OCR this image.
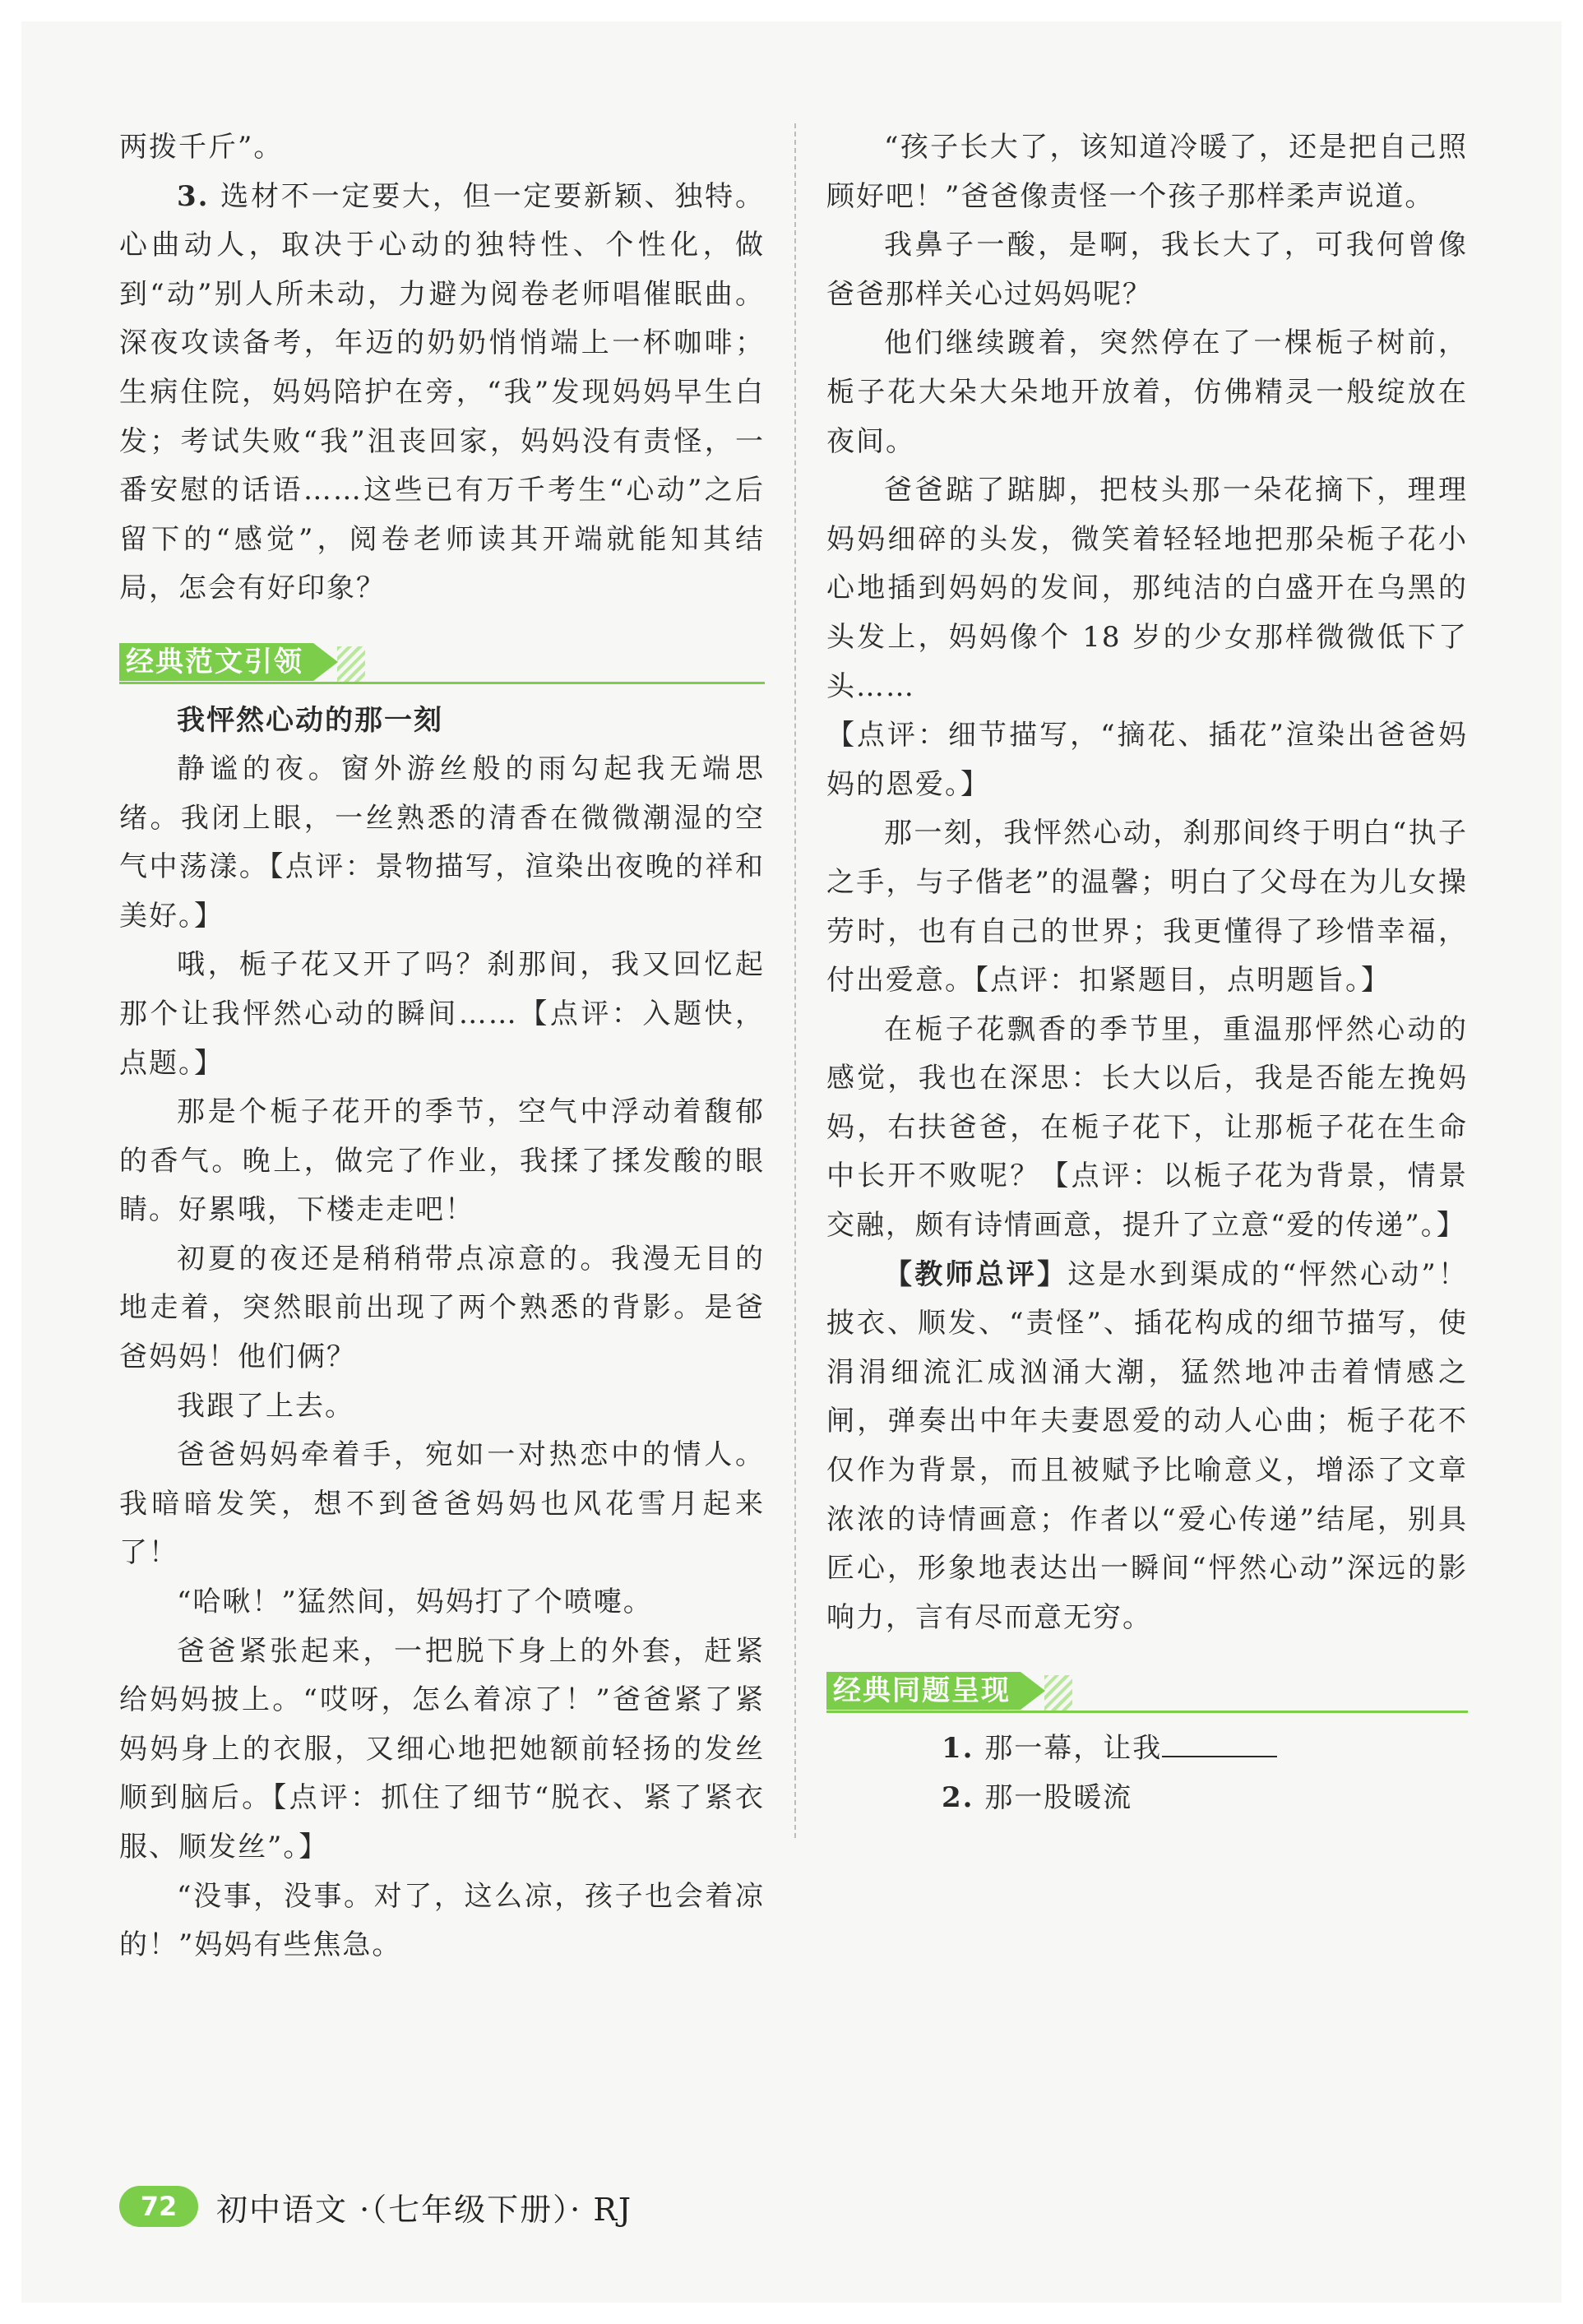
两拨千斤”。

3. 选材不一定要大，但一定要新颖、独特。心曲动人，取决于心动的独特性、个性化，做到“动”别人所未动，力避为阅卷老师唱催眠曲。深夜攻读备考，年迈的奶奶悄悄端上一杯咖啡；生病住院，妈妈陪护在旁，“我”发现妈妈早生白发；考试失败“我”沮丧回家，妈妈没有责怪，一番安慰的话语……这些已有万千考生“心动”之后留下的“感觉”，阅卷老师读其开端就能知其结局，怎会有好印象？

经典范文引领

我怦然心动的那一刻

静谧的夜。窗外游丝般的雨勾起我无端思绪。我闭上眼，一丝熟悉的清香在微微潮湿的空气中荡漾。【点评：景物描写，渲染出夜晚的祥和美好。】

哦，栀子花又开了吗？刹那间，我又回忆起那个让我怦然心动的瞬间……【点评：入题快，点题。】

那是个栀子花开的季节，空气中浮动着馥郁的香气。晚上，做完了作业，我揉了揉发酸的眼睛。好累哦，下楼走走吧！

初夏的夜还是稍稍带点凉意的。我漫无目的地走着，突然眼前出现了两个熟悉的背影。是爸爸妈妈！他们俩？

我跟了上去。

爸爸妈妈牵着手，宛如一对热恋中的情人。我暗暗发笑，想不到爸爸妈妈也风花雪月起来了！

“哈啾！”猛然间，妈妈打了个喷嚏。

爸爸紧张起来，一把脱下身上的外套，赶紧给妈妈披上。“哎呀，怎么着凉了！”爸爸紧了紧妈妈身上的衣服，又细心地把她额前轻扬的发丝顺到脑后。【点评：抓住了细节“脱衣、紧了紧衣服、顺发丝”。】

“没事，没事。对了，这么凉，孩子也会着凉的！”妈妈有些焦急。

“孩子长大了，该知道冷暖了，还是把自己照顾好吧！”爸爸像责怪一个孩子那样柔声说道。

我鼻子一酸，是啊，我长大了，可我何曾像爸爸那样关心过妈妈呢？

他们继续踱着，突然停在了一棵栀子树前，栀子花大朵大朵地开放着，仿佛精灵一般绽放在夜间。

爸爸踮了踮脚，把枝头那一朵花摘下，理理妈妈细碎的头发，微笑着轻轻地把那朵栀子花小心地插到妈妈的发间，那纯洁的白盛开在乌黑的头发上，妈妈像个 18 岁的少女那样微微低下了头……

【点评：细节描写，“摘花、插花”渲染出爸爸妈妈的恩爱。】

那一刻，我怦然心动，刹那间终于明白“执子之手，与子偕老”的温馨；明白了父母在为儿女操劳时，也有自己的世界；我更懂得了珍惜幸福，付出爱意。【点评：扣紧题目，点明题旨。】

在栀子花飘香的季节里，重温那怦然心动的感觉，我也在深思：长大以后，我是否能左挽妈妈，右扶爸爸，在栀子花下，让那栀子花在生命中长开不败呢？【点评：以栀子花为背景，情景交融，颇有诗情画意，提升了立意“爱的传递”。】

【教师总评】这是水到渠成的“怦然心动”！披衣、顺发、“责怪”、插花构成的细节描写，使涓涓细流汇成汹涌大潮，猛然地冲击着情感之闸，弹奏出中年夫妻恩爱的动人心曲；栀子花不仅作为背景，而且被赋予比喻意义，增添了文章浓浓的诗情画意；作者以“爱心传递”结尾，别具匠心，形象地表达出一瞬间“怦然心动”深远的影响力，言有尽而意无穷。

经典同题呈现

1. 那一幕，让我

2. 那一股暖流

72	初中语文 ·（七年级下册）· RJ
